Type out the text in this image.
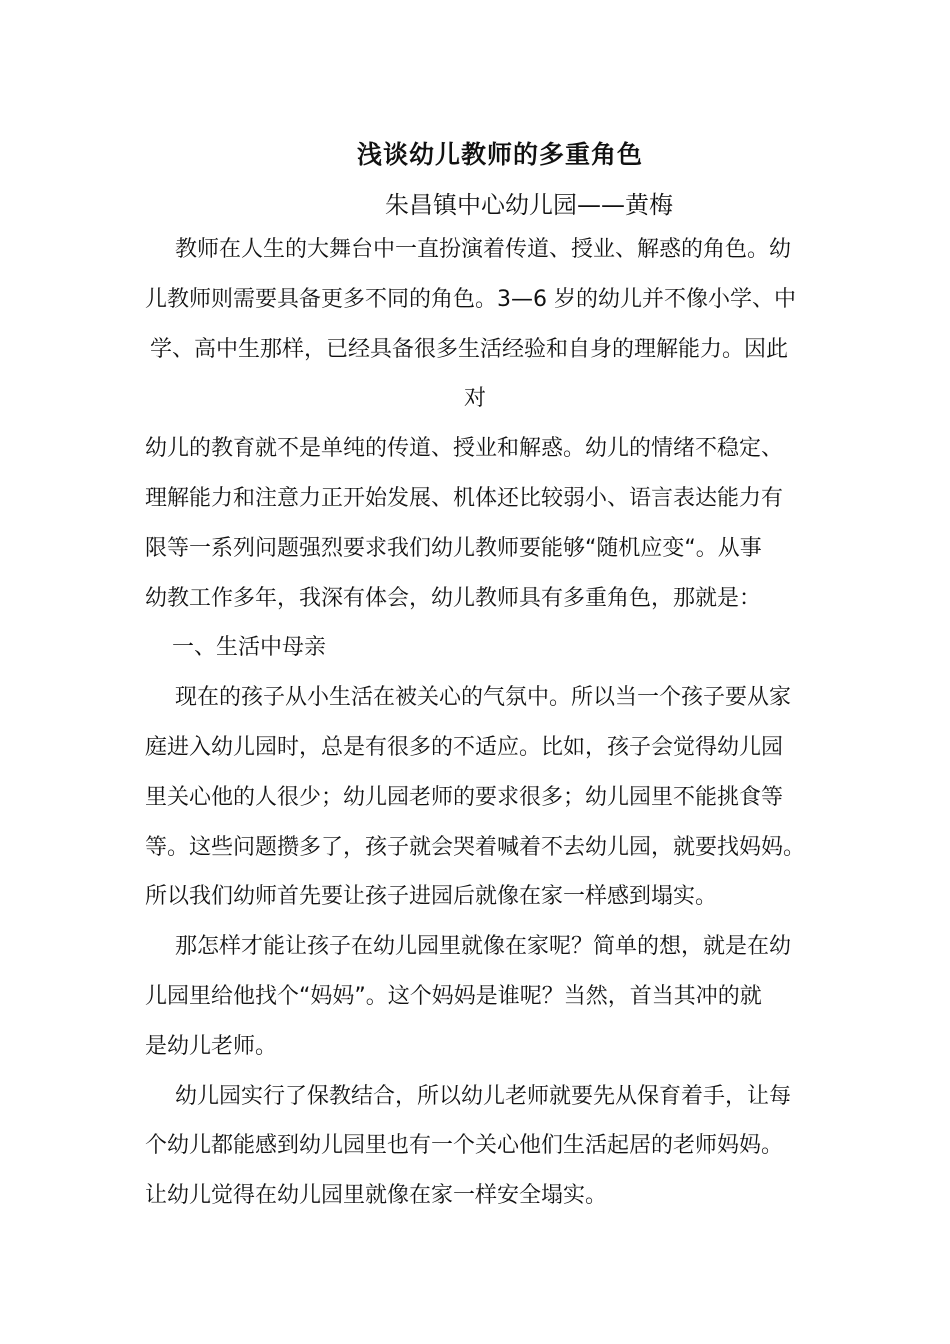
浅谈幼儿教师的多重角色
朱昌镇中心幼儿园——黄梅
教师在人生的大舞台中一直扮演着传道、授业、解惑的角色。幼
儿教师则需要具备更多不同的角色。3—6 岁的幼儿并不像小学、中
学、高中生那样，已经具备很多生活经验和自身的理解能力。因此
对
幼儿的教育就不是单纯的传道、授业和解惑。幼儿的情绪不稳定、
理解能力和注意力正开始发展、机体还比较弱小、语言表达能力有
限等一系列问题强烈要求我们幼儿教师要能够“随机应变“。从事
幼教工作多年，我深有体会，幼儿教师具有多重角色，那就是：
一、生活中母亲
现在的孩子从小生活在被关心的气氛中。所以当一个孩子要从家
庭进入幼儿园时，总是有很多的不适应。比如，孩子会觉得幼儿园
里关心他的人很少；幼儿园老师的要求很多；幼儿园里不能挑食等
等。这些问题攒多了，孩子就会哭着喊着不去幼儿园，就要找妈妈。
所以我们幼师首先要让孩子进园后就像在家一样感到塌实。
那怎样才能让孩子在幼儿园里就像在家呢？简单的想，就是在幼
儿园里给他找个“妈妈”。这个妈妈是谁呢？当然，首当其冲的就
是幼儿老师。
幼儿园实行了保教结合，所以幼儿老师就要先从保育着手，让每
个幼儿都能感到幼儿园里也有一个关心他们生活起居的老师妈妈。
让幼儿觉得在幼儿园里就像在家一样安全塌实。
